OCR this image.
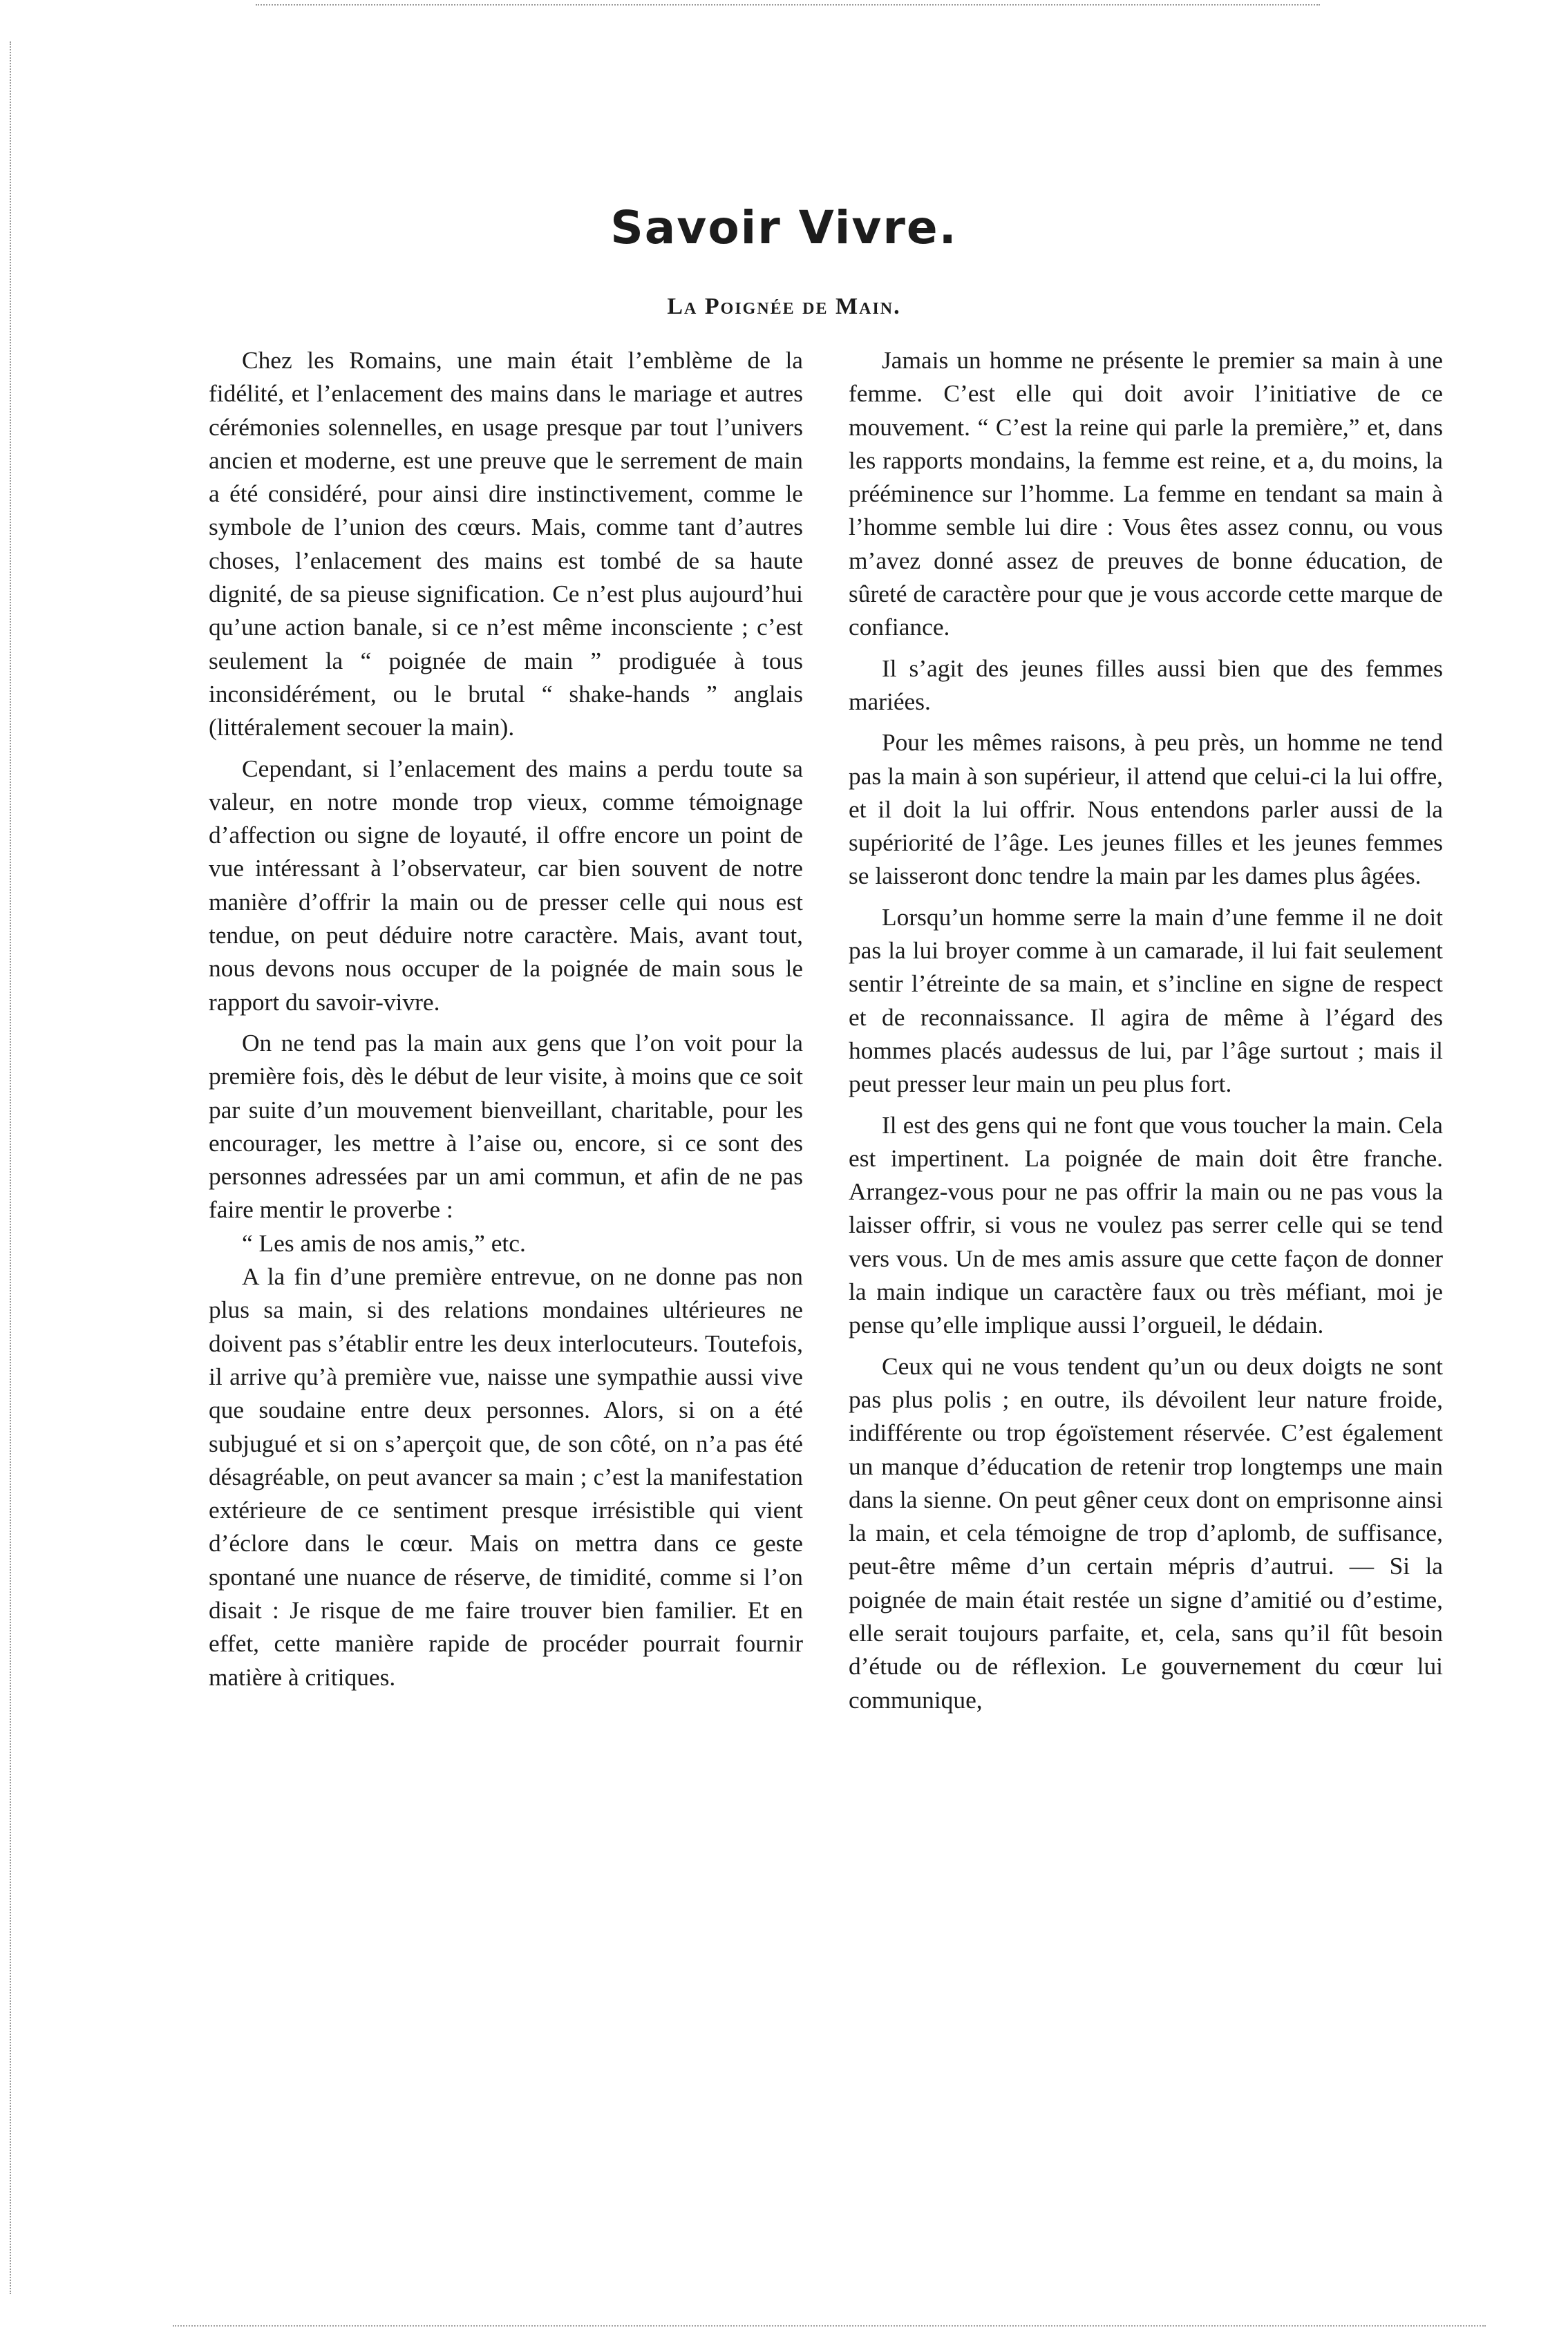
Savoir Vivre.
La Poignée de Main.

Chez les Romains, une main était l’emblème de la fidélité, et l’enlacement des mains dans le mariage et autres cérémonies solennelles, en usage presque par tout l’univers ancien et moderne, est une preuve que le serrement de main a été considéré, pour ainsi dire instinctivement, comme le symbole de l’union des cœurs. Mais, comme tant d’autres choses, l’enlacement des mains est tombé de sa haute dignité, de sa pieuse signification. Ce n’est plus aujourd’hui qu’une action banale, si ce n’est même inconsciente ; c’est seulement la “ poignée de main ” prodiguée à tous inconsidérément, ou le brutal “ shake-hands ” anglais (littéralement secouer la main).

Cependant, si l’enlacement des mains a perdu toute sa valeur, en notre monde trop vieux, comme témoignage d’affection ou signe de loyauté, il offre encore un point de vue intéressant à l’observateur, car bien souvent de notre manière d’offrir la main ou de presser celle qui nous est tendue, on peut déduire notre caractère. Mais, avant tout, nous devons nous occuper de la poignée de main sous le rapport du savoir-vivre.

On ne tend pas la main aux gens que l’on voit pour la première fois, dès le début de leur visite, à moins que ce soit par suite d’un mouvement bienveillant, charitable, pour les encourager, les mettre à l’aise ou, encore, si ce sont des personnes adressées par un ami commun, et afin de ne pas faire mentir le proverbe :

“ Les amis de nos amis,” etc.

A la fin d’une première entrevue, on ne donne pas non plus sa main, si des relations mondaines ultérieures ne doivent pas s’établir entre les deux interlocuteurs. Toutefois, il arrive qu’à première vue, naisse une sympathie aussi vive que soudaine entre deux personnes. Alors, si on a été subjugué et si on s’aperçoit que, de son côté, on n’a pas été désagréable, on peut avancer sa main ; c’est la manifestation extérieure de ce sentiment presque irrésistible qui vient d’éclore dans le cœur. Mais on mettra dans ce geste spontané une nuance de réserve, de timidité, comme si l’on disait : Je risque de me faire trouver bien familier. Et en effet, cette manière rapide de procéder pourrait fournir matière à critiques.

Jamais un homme ne présente le premier sa main à une femme. C’est elle qui doit avoir l’initiative de ce mouvement. “ C’est la reine qui parle la première,” et, dans les rapports mondains, la femme est reine, et a, du moins, la prééminence sur l’homme. La femme en tendant sa main à l’homme semble lui dire : Vous êtes assez connu, ou vous m’avez donné assez de preuves de bonne éducation, de sûreté de caractère pour que je vous accorde cette marque de confiance.

Il s’agit des jeunes filles aussi bien que des femmes mariées.

Pour les mêmes raisons, à peu près, un homme ne tend pas la main à son supérieur, il attend que celui-ci la lui offre, et il doit la lui offrir. Nous entendons parler aussi de la supériorité de l’âge. Les jeunes filles et les jeunes femmes se laisseront donc tendre la main par les dames plus âgées.

Lorsqu’un homme serre la main d’une femme il ne doit pas la lui broyer comme à un camarade, il lui fait seulement sentir l’étreinte de sa main, et s’incline en signe de respect et de reconnaissance. Il agira de même à l’égard des hommes placés audessus de lui, par l’âge surtout ; mais il peut presser leur main un peu plus fort.

Il est des gens qui ne font que vous toucher la main. Cela est impertinent. La poignée de main doit être franche. Arrangez-vous pour ne pas offrir la main ou ne pas vous la laisser offrir, si vous ne voulez pas serrer celle qui se tend vers vous. Un de mes amis assure que cette façon de donner la main indique un caractère faux ou très méfiant, moi je pense qu’elle implique aussi l’orgueil, le dédain.

Ceux qui ne vous tendent qu’un ou deux doigts ne sont pas plus polis ; en outre, ils dévoilent leur nature froide, indifférente ou trop égoïstement réservée. C’est également un manque d’éducation de retenir trop longtemps une main dans la sienne. On peut gêner ceux dont on emprisonne ainsi la main, et cela témoigne de trop d’aplomb, de suffisance, peut-être même d’un certain mépris d’autrui. — Si la poignée de main était restée un signe d’amitié ou d’estime, elle serait toujours parfaite, et, cela, sans qu’il fût besoin d’étude ou de réflexion. Le gouvernement du cœur lui communique,
